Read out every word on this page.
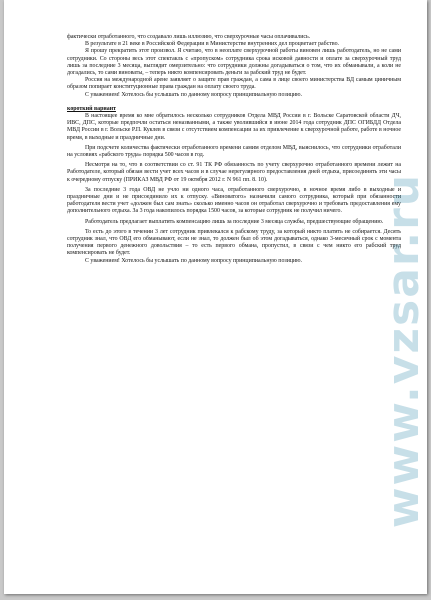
фактически отработанного, что создавало лишь иллюзию, что сверхурочные часы оплачивались.

В результате в 21 веке в Российской Федерации в Министерстве внутренних дел процветает рабство.

Я прошу прекратить этот произвол. Я считаю, что в неоплате сверхурочной работы виновен лишь работодатель, но не сами сотрудники. Со стороны весь этот спектакль с «пропуском» сотрудника срока исковой давности и оплате за сверхурочный труд лишь за последние 3 месяца, выглядит омерзительно: что сотрудники должны догадываться о том, что их обманывали, а коли не догадались, то сами виноваты, – теперь никто компенсировать деньги за рабский труд не будет.

Россия на международной арене заявляет о защите прав граждан, а сама в лице своего министерства ВД самым циничным образом попирает конституционные права граждан на оплату своего труда.

С уважением! Хотелось бы услышать по данному вопросу принципиальную позицию.

короткий вариант

В настоящее время ко мне обратилось несколько сотрудников Отдела МВД России в г. Вольске Саратовской области ДЧ, ИВС, ДПС, которые предпочли остаться неназванными, а также уволившийся в июне 2014 года сотрудник ДПС ОГИБДД Отдела МВД России в г. Вольске Р.П. Куклев в связи с отсутствием компенсации за их привлечение к сверхурочной работе, работе в ночное время, в выходные и праздничные дни.

При подсчете количества фактически отработанного времени самим отделом МВД, выяснилось, что сотрудники отработали на условиях «рабского труда» порядка 500 часов в год.

Несмотря на то, что в соответствии со ст. 91 ТК РФ обязанность по учету сверхурочно отработанного времени лежит на Работодателе, который обязан вести учет всех часов и в случае нерегулярного предоставления дней отдыха, присоединять эти часы к очередному отпуску (ПРИКАЗ МВД РФ от 19 октября 2012 г. N 961 пп. 8. 10).

За последние 3 года ОВД не учло ни одного часа, отработанного сверхурочно, в ночное время либо в выходные и праздничные дни и не присоединило их к отпуску. «Виноватого» назначили самого сотрудника, который при обязанности работодателя вести учет «должен был сам знать» сколько именно часов он отработал сверхурочно и требовать предоставления ему дополнительного отдыха. За 3 года накопилось порядка 1500 часов, за которые сотрудник не получил ничего.

Работодатель предлагает выплатить компенсацию лишь за последние 3 месяца службы, предшествующие обращению.

То есть до этого в течении 3 лет сотрудник привлекался к рабскому труду, за который никто платить не собирается. Десять сотрудник знал, что ОВД его обманывают, если не знал, то должен был об этом догадываться, однако 3-месячный срок с момента получения первого денежного довольствия – то есть первого обмана, пропустил, в связи с чем никто его рабский труд компенсировать не будет.

С уважением! Хотелось бы услышать по данному вопросу принципиальную позицию.	www.vzsar.ru
